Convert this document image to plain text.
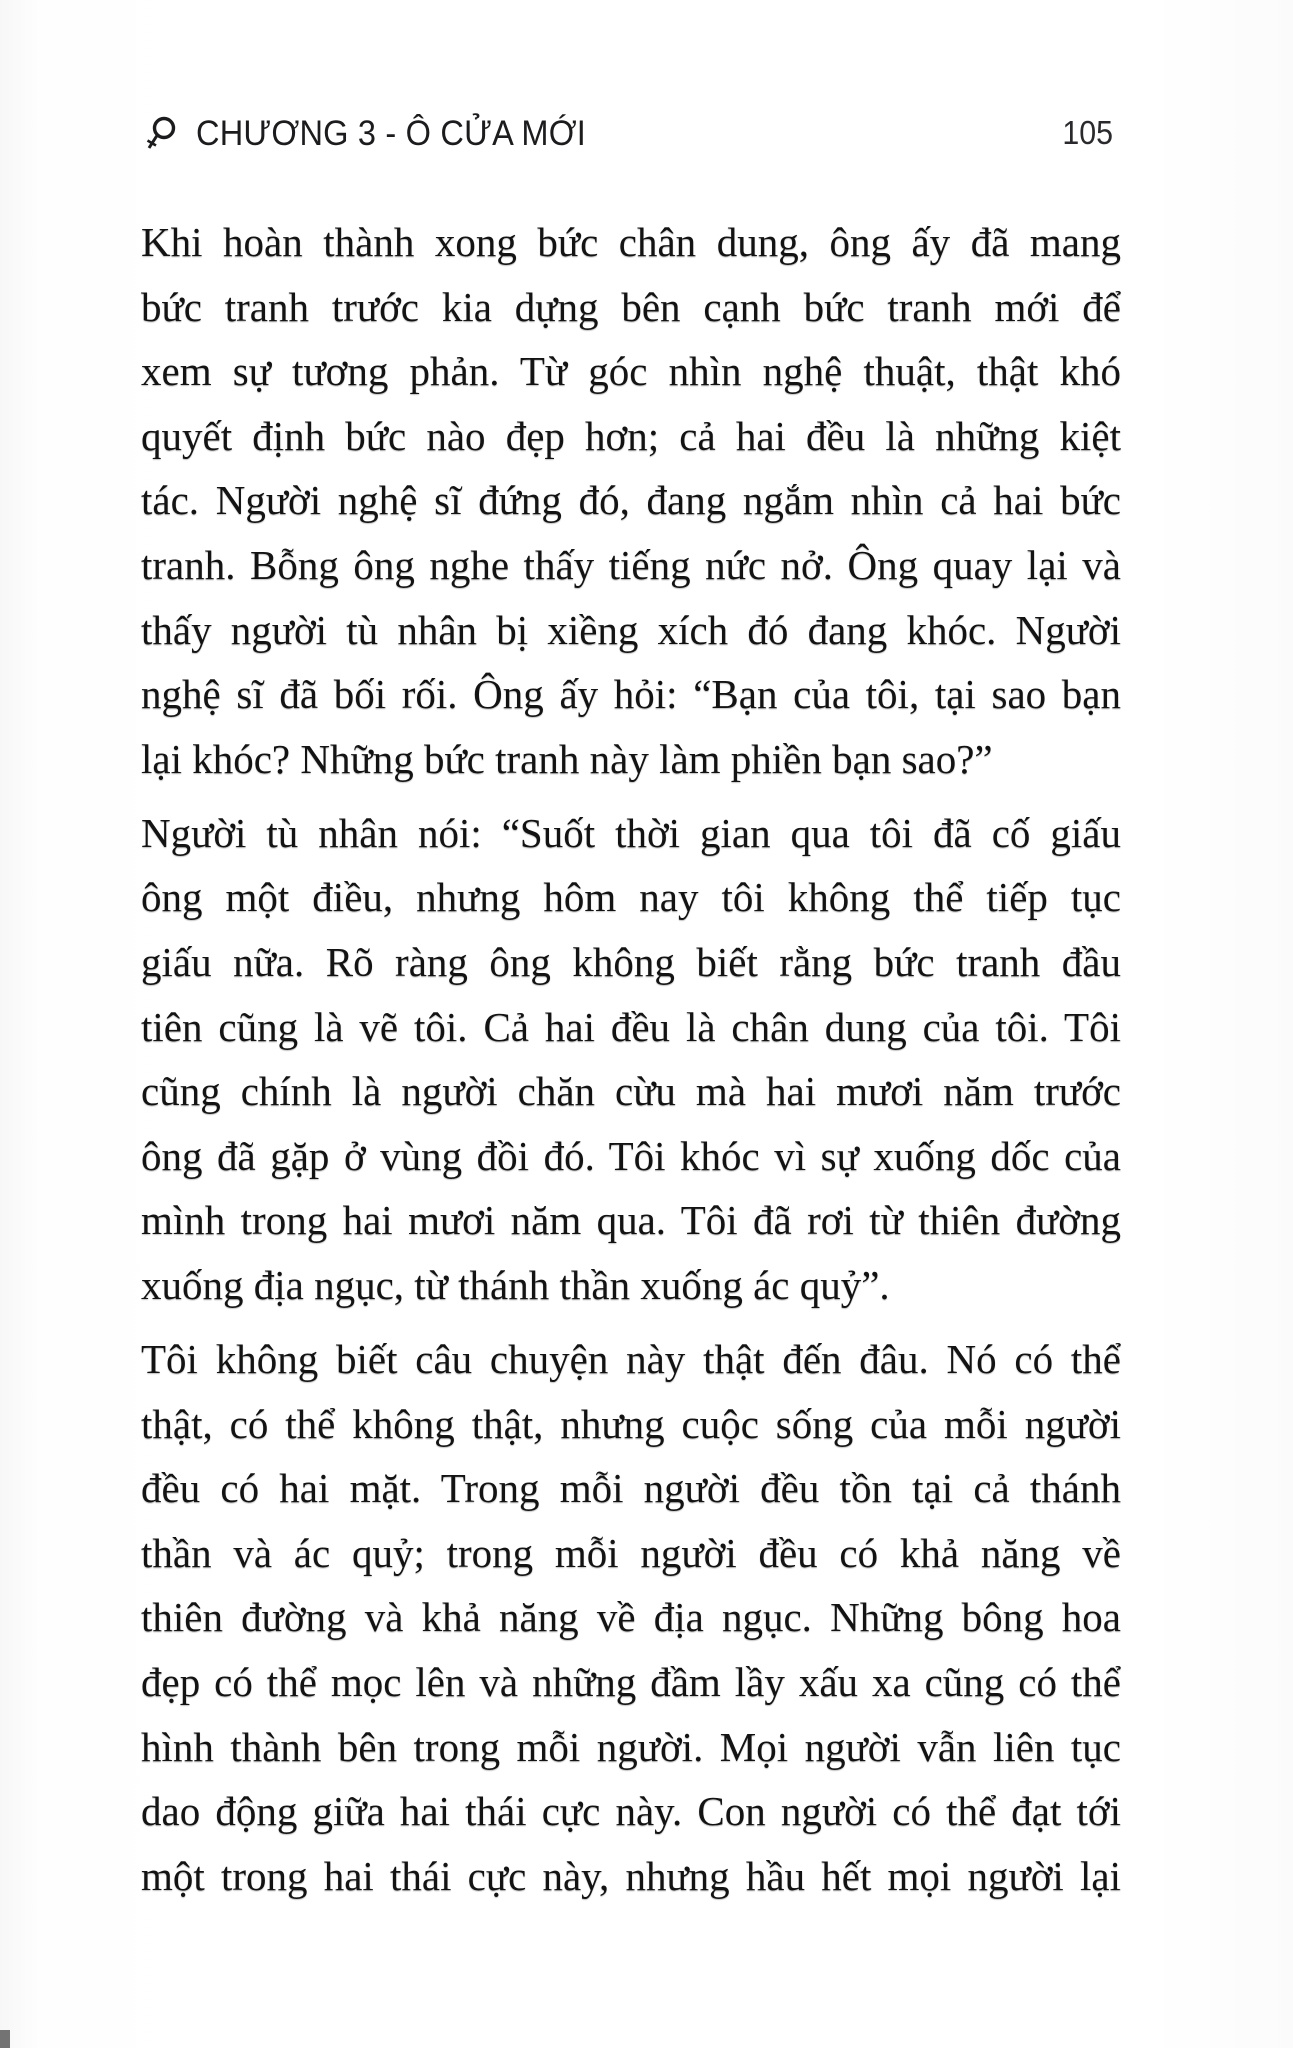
CHƯƠNG 3 - Ô CỬA MỚI	105

Khi hoàn thành xong bức chân dung, ông ấy đã mang
bức tranh trước kia dựng bên cạnh bức tranh mới để
xem sự tương phản. Từ góc nhìn nghệ thuật, thật khó
quyết định bức nào đẹp hơn; cả hai đều là những kiệt
tác. Người nghệ sĩ đứng đó, đang ngắm nhìn cả hai bức
tranh. Bỗng ông nghe thấy tiếng nức nở. Ông quay lại và
thấy người tù nhân bị xiềng xích đó đang khóc. Người
nghệ sĩ đã bối rối. Ông ấy hỏi: “Bạn của tôi, tại sao bạn
lại khóc? Những bức tranh này làm phiền bạn sao?”

Người tù nhân nói: “Suốt thời gian qua tôi đã cố giấu
ông một điều, nhưng hôm nay tôi không thể tiếp tục
giấu nữa. Rõ ràng ông không biết rằng bức tranh đầu
tiên cũng là vẽ tôi. Cả hai đều là chân dung của tôi. Tôi
cũng chính là người chăn cừu mà hai mươi năm trước
ông đã gặp ở vùng đồi đó. Tôi khóc vì sự xuống dốc của
mình trong hai mươi năm qua. Tôi đã rơi từ thiên đường
xuống địa ngục, từ thánh thần xuống ác quỷ”.

Tôi không biết câu chuyện này thật đến đâu. Nó có thể
thật, có thể không thật, nhưng cuộc sống của mỗi người
đều có hai mặt. Trong mỗi người đều tồn tại cả thánh
thần và ác quỷ; trong mỗi người đều có khả năng về
thiên đường và khả năng về địa ngục. Những bông hoa
đẹp có thể mọc lên và những đầm lầy xấu xa cũng có thể
hình thành bên trong mỗi người. Mọi người vẫn liên tục
dao động giữa hai thái cực này. Con người có thể đạt tới
một trong hai thái cực này, nhưng hầu hết mọi người lại
